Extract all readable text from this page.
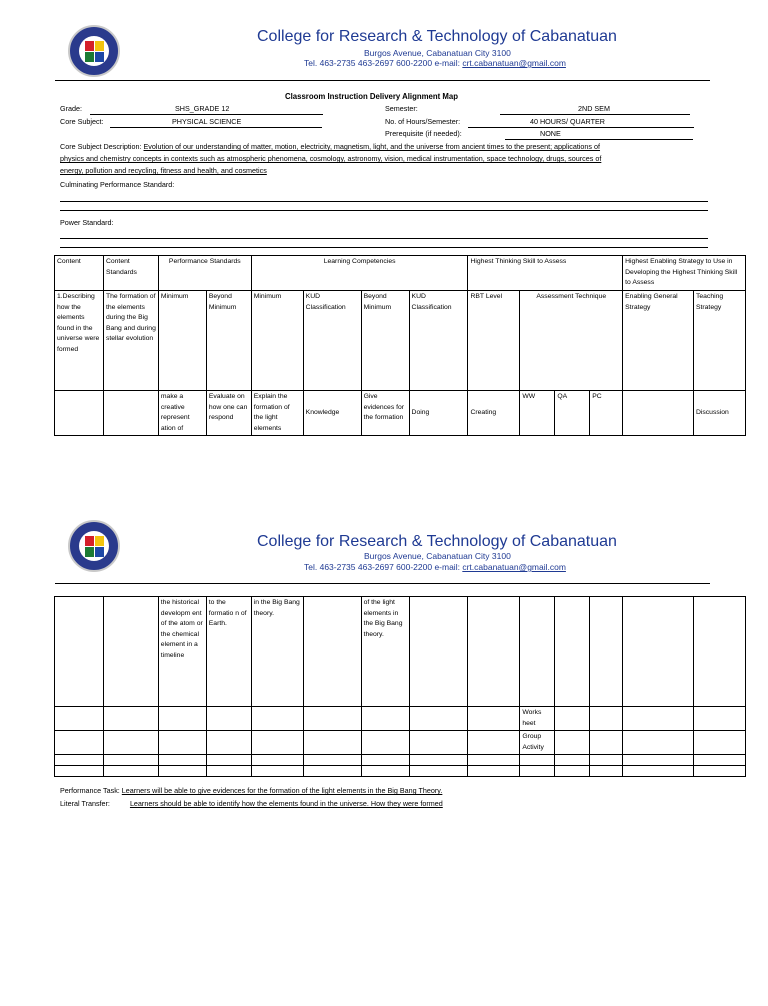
College for Research & Technology of Cabanatuan
Burgos Avenue, Cabanatuan City 3100
Tel. 463-2735 463-2697 600-2200 e-mail: crt.cabanatuan@gmail.com
Classroom Instruction Delivery Alignment Map
Grade:	SHS_GRADE 12	Semester:	2ND SEM
Core Subject:	PHYSICAL SCIENCE	No. of Hours/Semester:	40 HOURS/ QUARTER
Prerequisite (if needed):	NONE
Core Subject Description: Evolution of our understanding of matter, motion, electricity, magnetism, light, and the universe from ancient times to the present; applications of
physics and chemistry concepts in contexts such as atmospheric phenomena, cosmology, astronomy, vision, medical instrumentation, space technology, drugs, sources of
energy, pollution and recycling, fitness and health, and cosmetics
Culminating Performance Standard:
Power Standard:
Content	Content Standards	Performance Standards		Learning Competencies				Highest Thinking Skill to Assess				Highest Enabling Strategy to Use in Developing the Highest Thinking Skill to Assess	
1.Describing how the elements found in the universe were formed	The formation of the elements during the Big Bang and during stellar evolution	Minimum	Beyond Minimum	Minimum	KUD Classification	Beyond Minimum	KUD Classification	RBT Level	Assessment Technique			Enabling General Strategy	Teaching Strategy
		make a creative represent ation of	Evaluate on how one can respond	Explain the formation of the light elements	Knowledge	Give evidences for the formation	Doing	Creating	WW	QA	PC		Discussion
College for Research & Technology of Cabanatuan
Burgos Avenue, Cabanatuan City 3100
Tel. 463-2735 463-2697 600-2200 e-mail: crt.cabanatuan@gmail.com
		the historical developm ent of the atom or the chemical element in a timeline	to the formatio n of Earth.	in the Big Bang theory.		of the light elements in the Big Bang theory.							
									Works heet				
									Group Activity				

Performance Task: Learners will be able to give evidences for the formation of the light elements in the Big Bang Theory.
Literal Transfer:	Learners should be able to identify how the elements found in the universe. How they were formed
